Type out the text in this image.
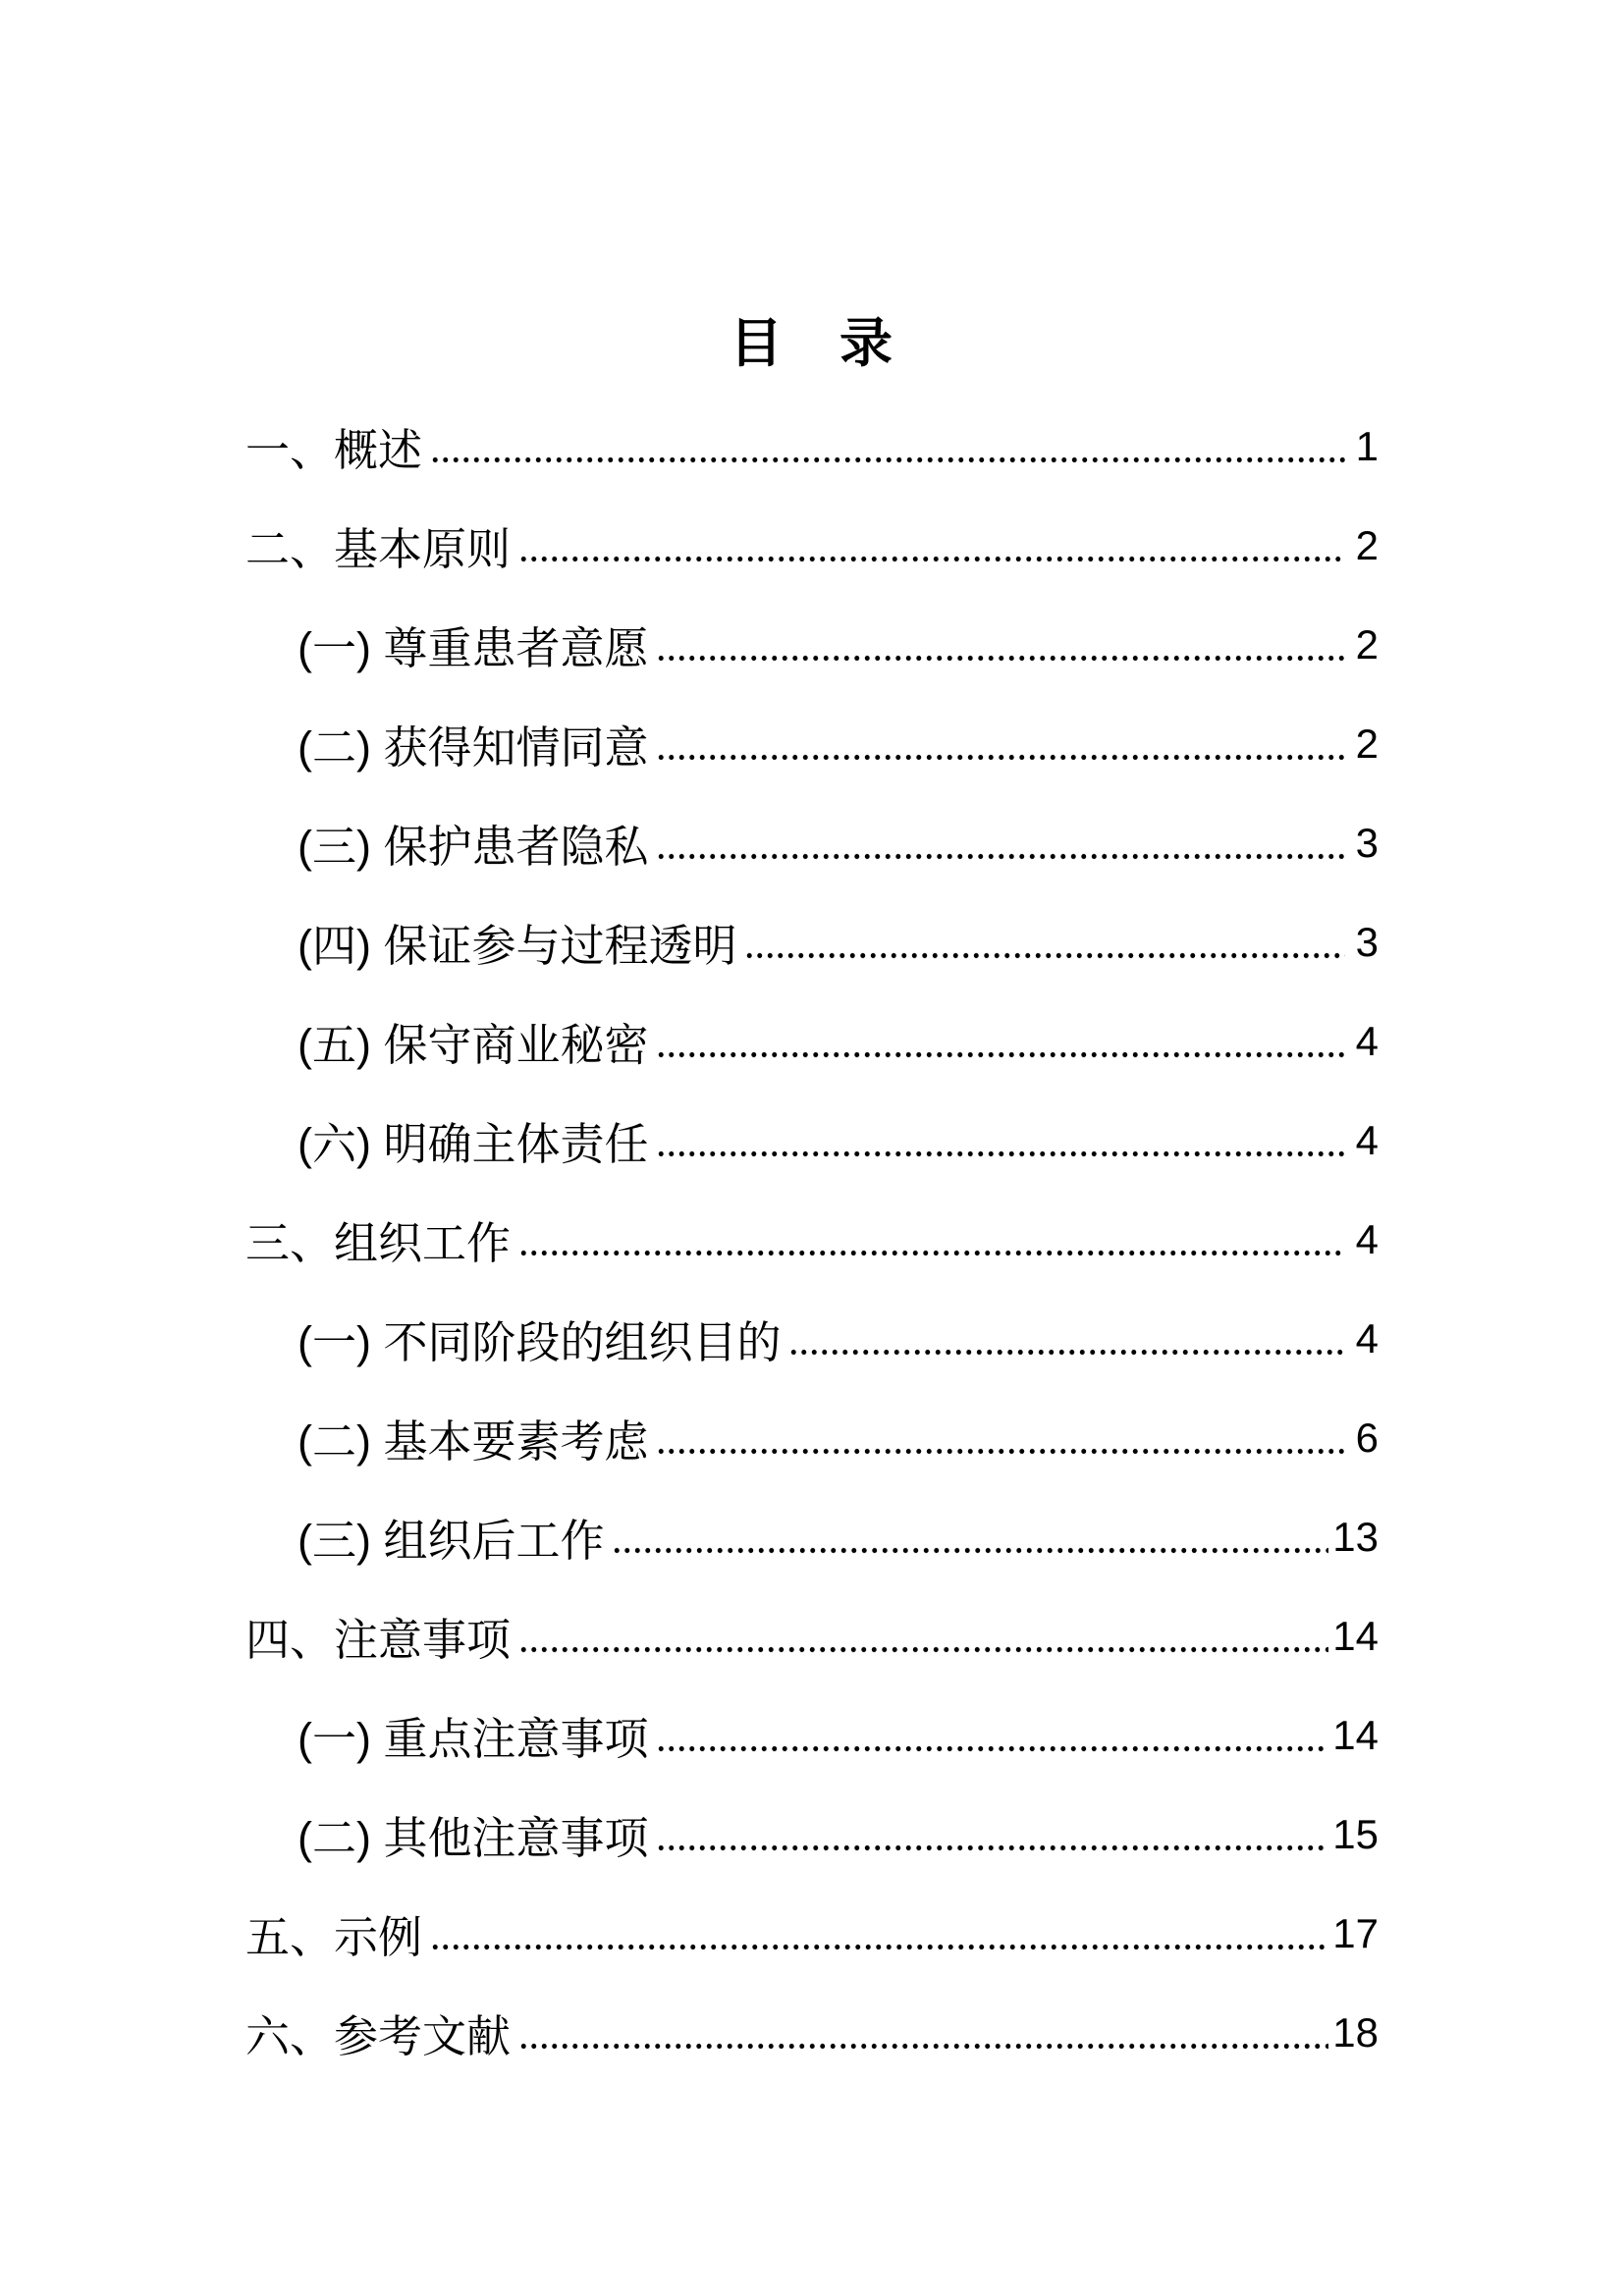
目　录
一、概述	1
二、基本原则	2
(一) 尊重患者意愿	2
(二) 获得知情同意	2
(三) 保护患者隐私	3
(四) 保证参与过程透明	3
(五) 保守商业秘密	4
(六) 明确主体责任	4
三、组织工作	4
(一) 不同阶段的组织目的	4
(二) 基本要素考虑	6
(三) 组织后工作	13
四、注意事项	14
(一) 重点注意事项	14
(二) 其他注意事项	15
五、示例	17
六、参考文献	18
